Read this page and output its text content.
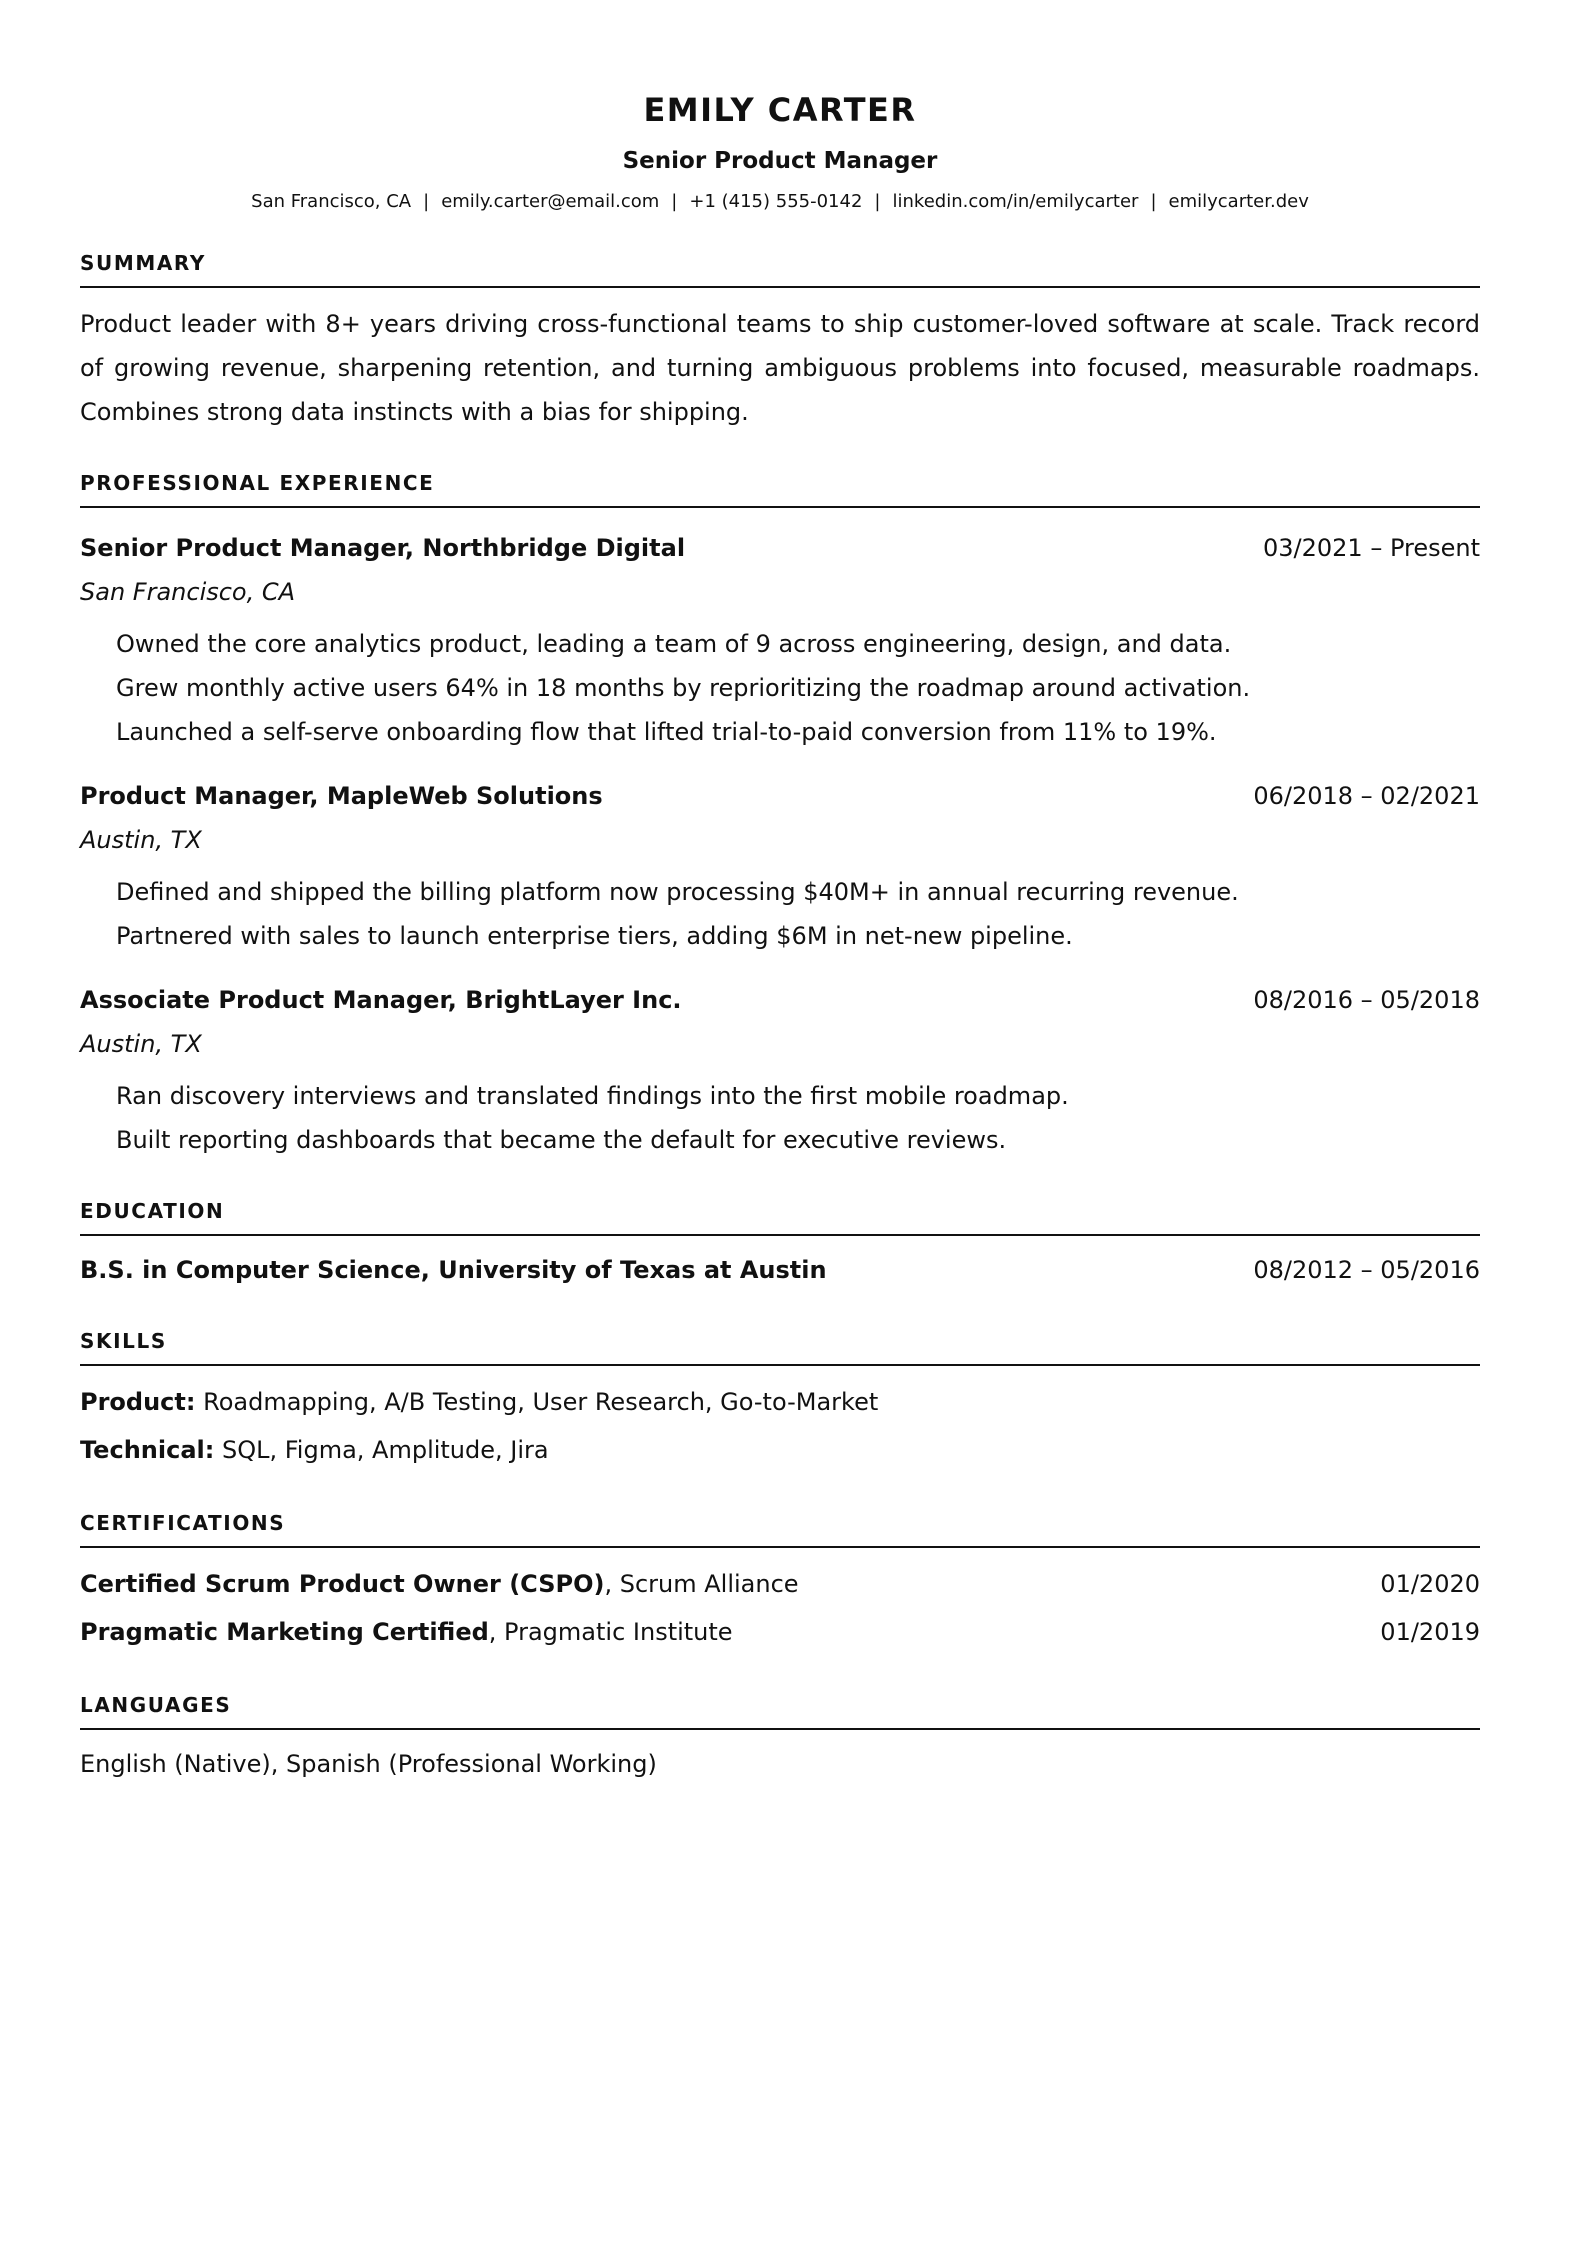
EMILY CARTER
Senior Product Manager
San Francisco, CA | emily.carter@email.com | +1 (415) 555-0142 | linkedin.com/in/emilycarter | emilycarter.dev
SUMMARY

Product leader with 8+ years driving cross-functional teams to ship customer-loved software at scale. Track record of growing revenue, sharpening retention, and turning ambiguous problems into focused, measurable roadmaps. Combines strong data instincts with a bias for shipping.

PROFESSIONAL EXPERIENCE
Senior Product Manager, Northbridge Digital	03/2021 – Present
San Francisco, CA
Owned the core analytics product, leading a team of 9 across engineering, design, and data.
Grew monthly active users 64% in 18 months by reprioritizing the roadmap around activation.
Launched a self-serve onboarding flow that lifted trial-to-paid conversion from 11% to 19%.
Product Manager, MapleWeb Solutions	06/2018 – 02/2021
Austin, TX
Defined and shipped the billing platform now processing $40M+ in annual recurring revenue.
Partnered with sales to launch enterprise tiers, adding $6M in net-new pipeline.
Associate Product Manager, BrightLayer Inc.	08/2016 – 05/2018
Austin, TX
Ran discovery interviews and translated findings into the first mobile roadmap.
Built reporting dashboards that became the default for executive reviews.
EDUCATION
B.S. in Computer Science, University of Texas at Austin	08/2012 – 05/2016
SKILLS
Product: Roadmapping, A/B Testing, User Research, Go-to-Market
Technical: SQL, Figma, Amplitude, Jira
CERTIFICATIONS
Certified Scrum Product Owner (CSPO), Scrum Alliance	01/2020
Pragmatic Marketing Certified, Pragmatic Institute	01/2019
LANGUAGES
English (Native), Spanish (Professional Working)
